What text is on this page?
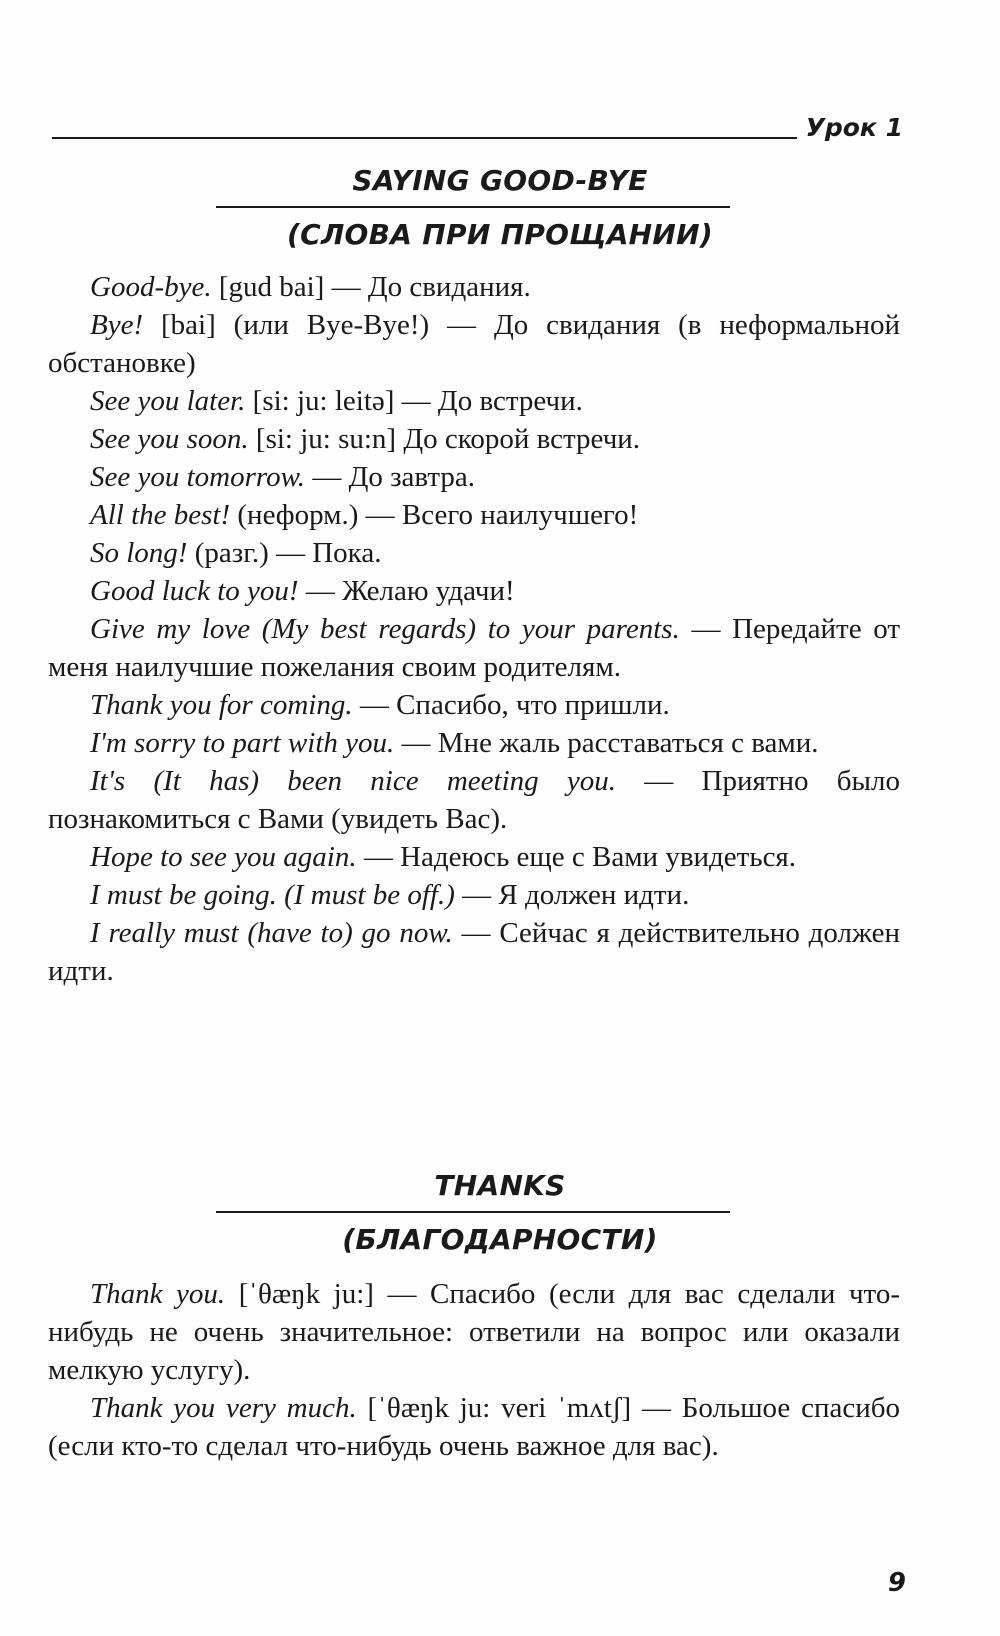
Урок 1
SAYING GOOD-BYE
(СЛОВА ПРИ ПРОЩАНИИ)

Good-bye. [gud bai] — До свидания.

Bye! [bai] (или Bye-Bye!) — До свидания (в неформальной обстановке)

See you later. [si: ju: leitə] — До встречи.

See you soon. [si: ju: su:n] До скорой встречи.

See you tomorrow. — До завтра.

All the best! (неформ.) — Всего наилучшего!

So long! (разг.) — Пока.

Good luck to you! — Желаю удачи!

Give my love (My best regards) to your parents. — Передайте от меня наилучшие пожелания своим родителям.

Thank you for coming. — Спасибо, что пришли.

I'm sorry to part with you. — Мне жаль расставаться с вами.

It's (It has) been nice meeting you. — Приятно было познакомиться с Вами (увидеть Вас).

Hope to see you again. — Надеюсь еще с Вами увидеться.

I must be going. (I must be off.) — Я должен идти.

I really must (have to) go now. — Сейчас я действительно должен идти.

THANKS
(БЛАГОДАРНОСТИ)

Thank you. [ˈθæŋk ju:] — Спасибо (если для вас сделали что-нибудь не очень значительное: ответили на вопрос или оказали мелкую услугу).

Thank you very much. [ˈθæŋk ju: veri ˈmʌtʃ] — Большое спасибо (если кто-то сделал что-нибудь очень важное для вас).

9
